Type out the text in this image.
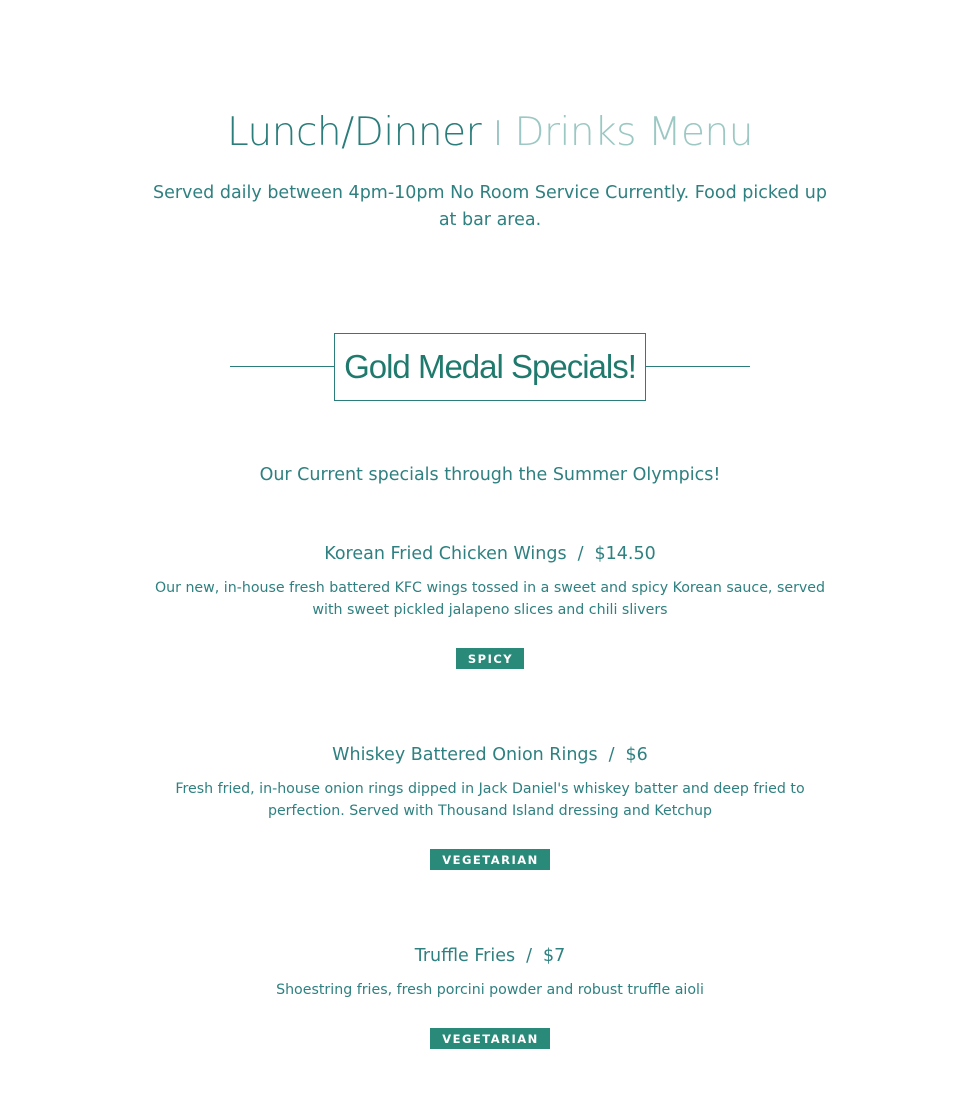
Lunch/Dinner I Drinks Menu
Served daily between 4pm-10pm No Room Service Currently. Food picked up at bar area.
Gold Medal Specials!
Our Current specials through the Summer Olympics!
Korean Fried Chicken Wings / $14.50
Our new, in-house fresh battered KFC wings tossed in a sweet and spicy Korean sauce, served with sweet pickled jalapeno slices and chili slivers
SPICY
Whiskey Battered Onion Rings / $6
Fresh fried, in-house onion rings dipped in Jack Daniel's whiskey batter and deep fried to perfection. Served with Thousand Island dressing and Ketchup
VEGETARIAN
Truffle Fries / $7
Shoestring fries, fresh porcini powder and robust truffle aioli
VEGETARIAN
